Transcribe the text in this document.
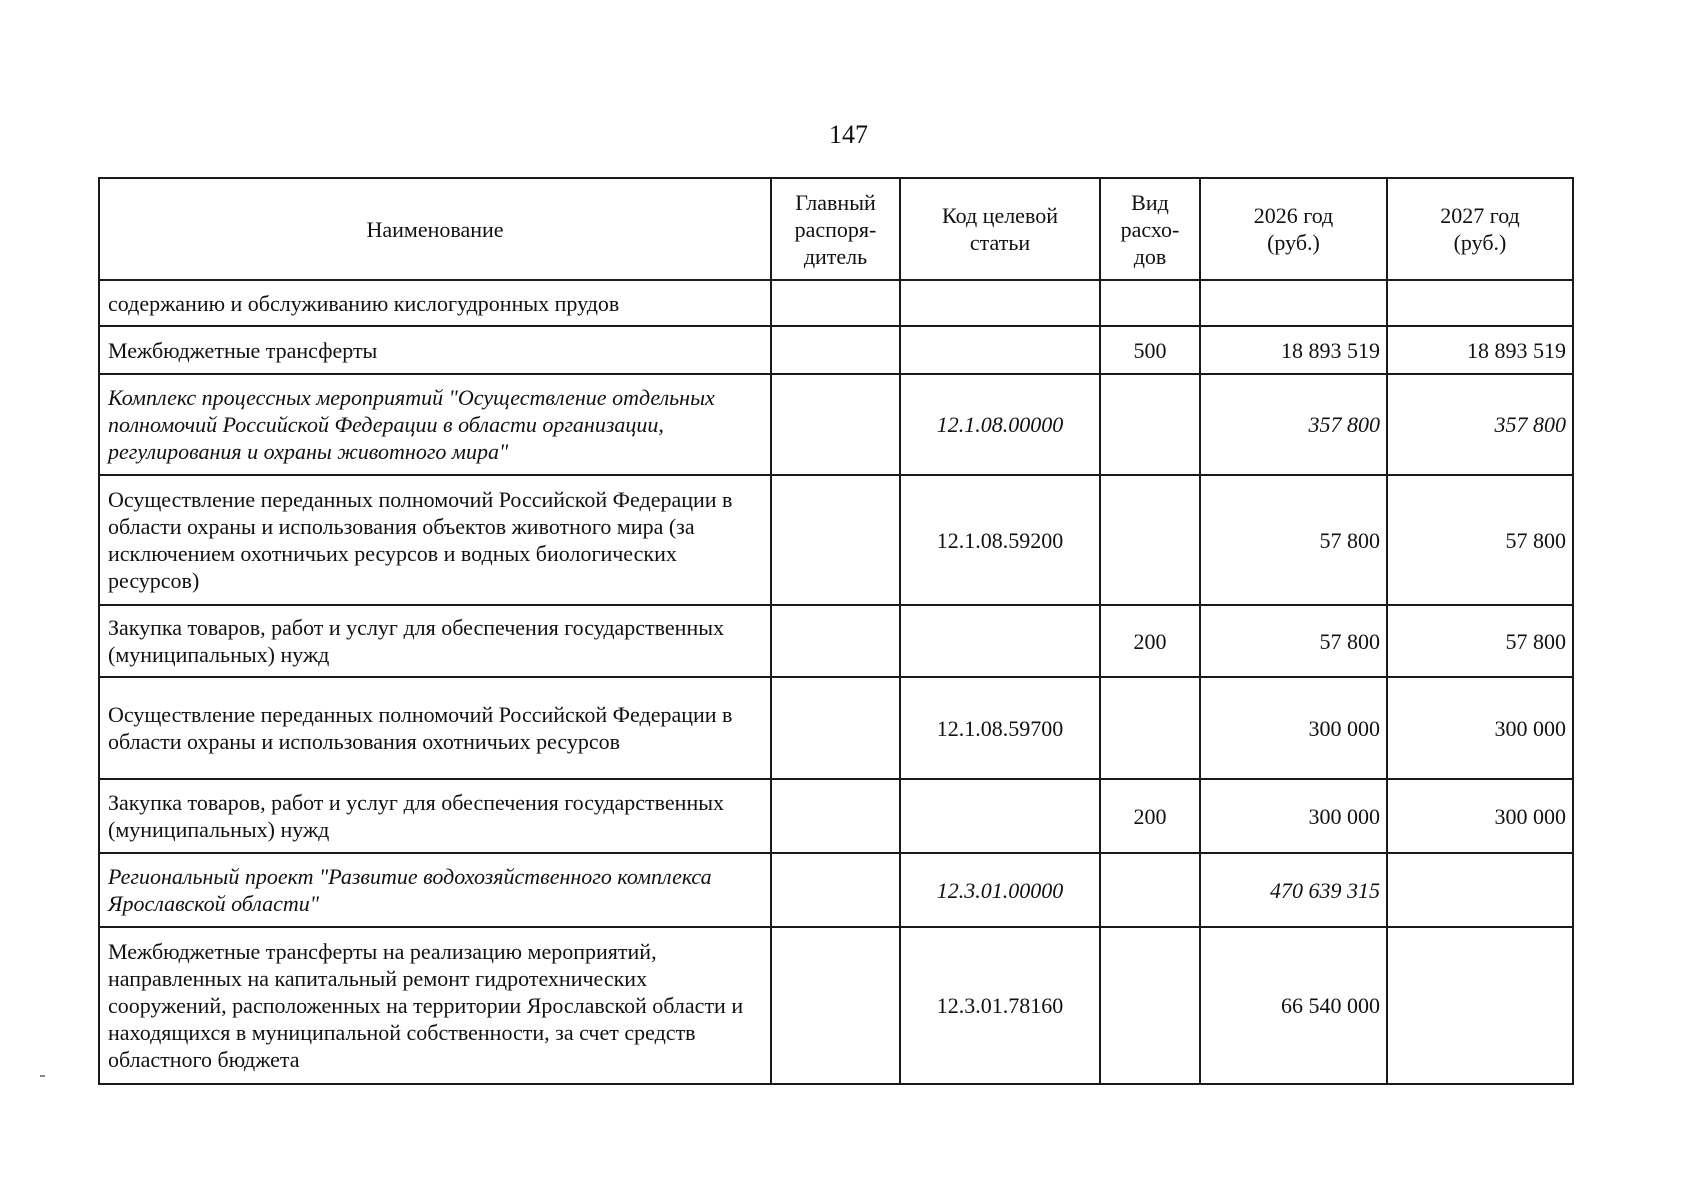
147
Наименование	Главный распоря-дитель	Код целевой статьи	Вид расхо-дов	2026 год (руб.)	2027 год (руб.)
содержанию и обслуживанию кислогудронных прудов					
Межбюджетные трансферты			500	18 893 519	18 893 519
Комплекс процессных мероприятий "Осуществление отдельных полномочий Российской Федерации в области организации, регулирования и охраны животного мира"		12.1.08.00000		357 800	357 800
Осуществление переданных полномочий Российской Федерации в области охраны и использования объектов животного мира (за исключением охотничьих ресурсов и водных биологических ресурсов)		12.1.08.59200		57 800	57 800
Закупка товаров, работ и услуг для обеспечения государственных (муниципальных) нужд			200	57 800	57 800
Осуществление переданных полномочий Российской Федерации в области охраны и использования охотничьих ресурсов		12.1.08.59700		300 000	300 000
Закупка товаров, работ и услуг для обеспечения государственных (муниципальных) нужд			200	300 000	300 000
Региональный проект "Развитие водохозяйственного комплекса Ярославской области"		12.3.01.00000		470 639 315	
Межбюджетные трансферты на реализацию мероприятий, направленных на капитальный ремонт гидротехнических сооружений, расположенных на территории Ярославской области и находящихся в муниципальной собственности, за счет средств областного бюджета		12.3.01.78160		66 540 000	
